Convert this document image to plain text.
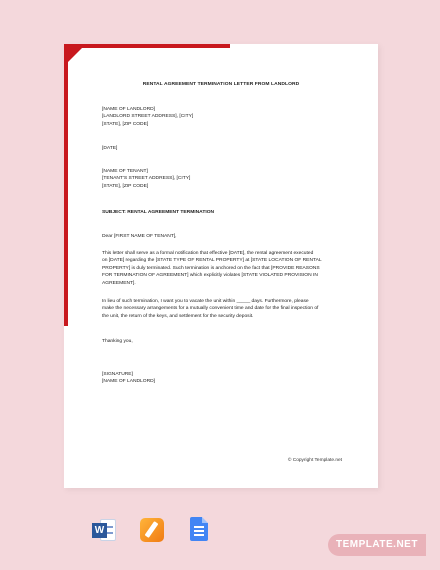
RENTAL AGREEMENT TERMINATION LETTER FROM LANDLORD
[NAME OF LANDLORD]
[LANDLORD STREET ADDRESS], [CITY]
[STATE], [ZIP CODE]
[DATE]
[NAME OF TENANT]
[TENANT'S STREET ADDRESS], [CITY]
[STATE], [ZIP CODE]
SUBJECT: RENTAL AGREEMENT TERMINATION
Dear [FIRST NAME OF TENANT],
This letter shall serve as a formal notification that effective [DATE], the rental agreement executed
on [DATE] regarding the [STATE TYPE OF RENTAL PROPERTY] at [STATE LOCATION OF RENTAL
PROPERTY] is duly terminated. Such termination is anchored on the fact that [PROVIDE REASONS
FOR TERMINATION OF AGREEMENT] which explicitly violates [STATE VIOLATED PROVISION IN
AGREEMENT].
In lieu of such termination, I want you to vacate the unit within _____ days. Furthermore, please
make the necessary arrangements for a mutually convenient time and date for the final inspection of
the unit, the return of the keys, and settlement for the security deposit.
Thanking you,
[SIGNATURE]
[NAME OF LANDLORD]
© Copyright Template.net
W
TEMPLATE.NET
